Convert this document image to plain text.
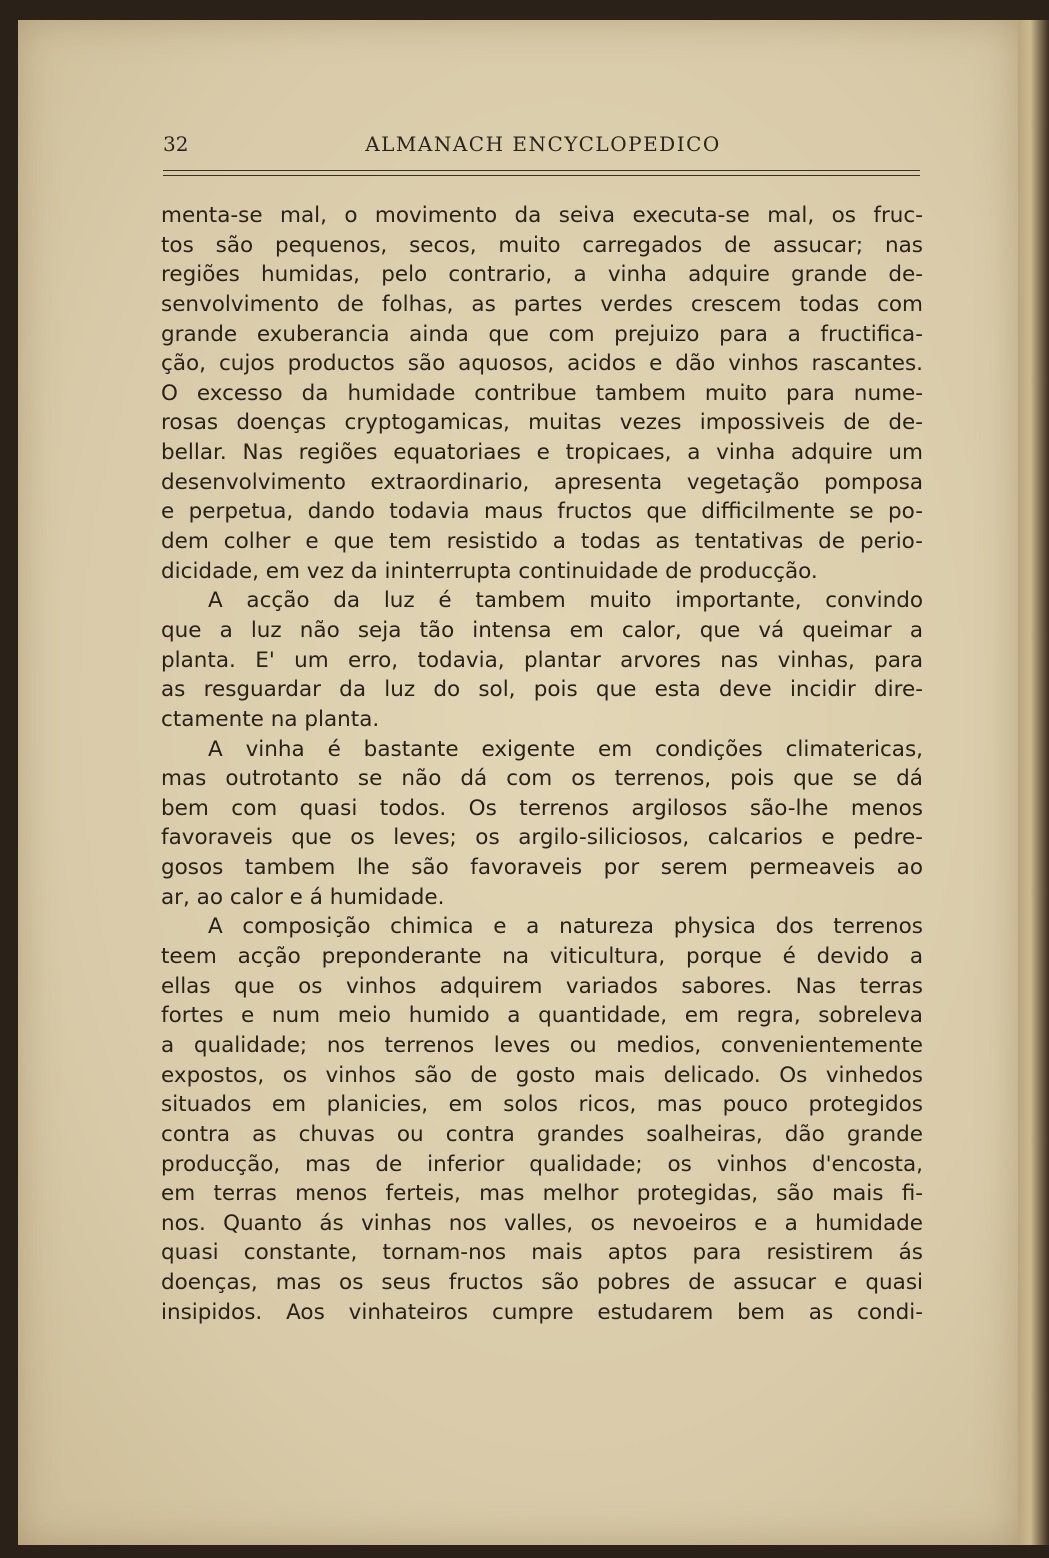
32	ALMANACH ENCYCLOPEDICO
menta-se mal, o movimento da seiva executa-se mal, os fruc-
tos são pequenos, secos, muito carregados de assucar; nas
regiões humidas, pelo contrario, a vinha adquire grande de-
senvolvimento de folhas, as partes verdes crescem todas com
grande exuberancia ainda que com prejuizo para a fructifica-
ção, cujos productos são aquosos, acidos e dão vinhos rascantes.
O excesso da humidade contribue tambem muito para nume-
rosas doenças cryptogamicas, muitas vezes impossiveis de de-
bellar. Nas regiões equatoriaes e tropicaes, a vinha adquire um
desenvolvimento extraordinario, apresenta vegetação pomposa
e perpetua, dando todavia maus fructos que difficilmente se po-
dem colher e que tem resistido a todas as tentativas de perio-
dicidade, em vez da ininterrupta continuidade de producção.
A acção da luz é tambem muito importante, convindo
que a luz não seja tão intensa em calor, que vá queimar a
planta. E' um erro, todavia, plantar arvores nas vinhas, para
as resguardar da luz do sol, pois que esta deve incidir dire-
ctamente na planta.
A vinha é bastante exigente em condições climatericas,
mas outrotanto se não dá com os terrenos, pois que se dá
bem com quasi todos. Os terrenos argilosos são-lhe menos
favoraveis que os leves; os argilo-siliciosos, calcarios e pedre-
gosos tambem lhe são favoraveis por serem permeaveis ao
ar, ao calor e á humidade.
A composição chimica e a natureza physica dos terrenos
teem acção preponderante na viticultura, porque é devido a
ellas que os vinhos adquirem variados sabores. Nas terras
fortes e num meio humido a quantidade, em regra, sobreleva
a qualidade; nos terrenos leves ou medios, convenientemente
expostos, os vinhos são de gosto mais delicado. Os vinhedos
situados em planicies, em solos ricos, mas pouco protegidos
contra as chuvas ou contra grandes soalheiras, dão grande
producção, mas de inferior qualidade; os vinhos d'encosta,
em terras menos ferteis, mas melhor protegidas, são mais fi-
nos. Quanto ás vinhas nos valles, os nevoeiros e a humidade
quasi constante, tornam-nos mais aptos para resistirem ás
doenças, mas os seus fructos são pobres de assucar e quasi
insipidos. Aos vinhateiros cumpre estudarem bem as condi-
